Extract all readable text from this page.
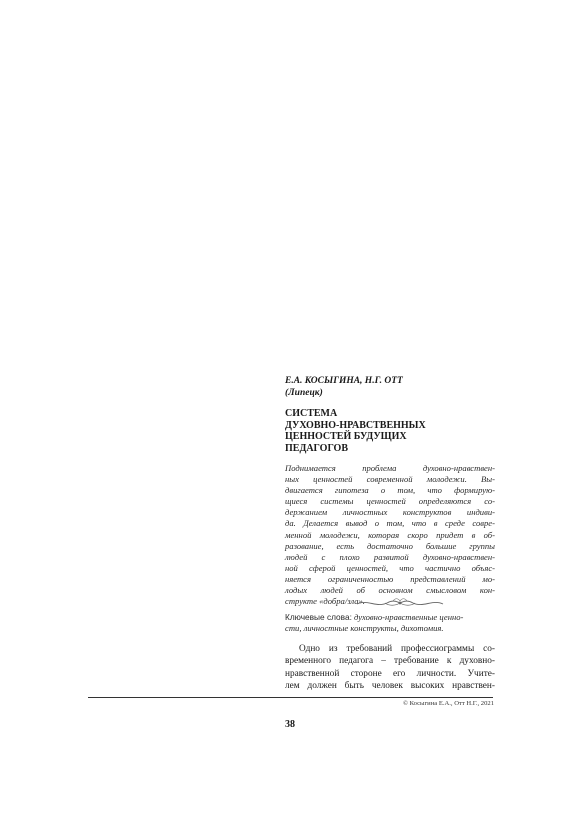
Е.А. КОСЫГИНА, Н.Г. ОТТ
(Липецк)
СИСТЕМА
ДУХОВНО-НРАВСТВЕННЫХ
ЦЕННОСТЕЙ БУДУЩИХ
ПЕДАГОГОВ
Поднимается проблема духовно-нравствен-
ных ценностей современной молодежи. Вы-
двигается гипотеза о том, что формирую-
щиеся системы ценностей определяются со-
держанием личностных конструктов индиви-
да. Делается вывод о том, что в среде совре-
менной молодежи, которая скоро придет в об-
разование, есть достаточно большие группы
людей с плохо развитой духовно-нравствен-
ной сферой ценностей, что частично объяс-
няется ограниченностью представлений мо-
лодых людей об основном смысловом кон-
структе «добра/зла».
Ключевые слова: духовно-нравственные ценно-
сти, личностные конструкты, дихотомия.
Одно из требований профессиограммы со-
временного педагога – требование к духовно-
нравственной стороне его личности. Учите-
лем должен быть человек высоких нравствен-
© Косыгина Е.А., Отт Н.Г., 2021
38
